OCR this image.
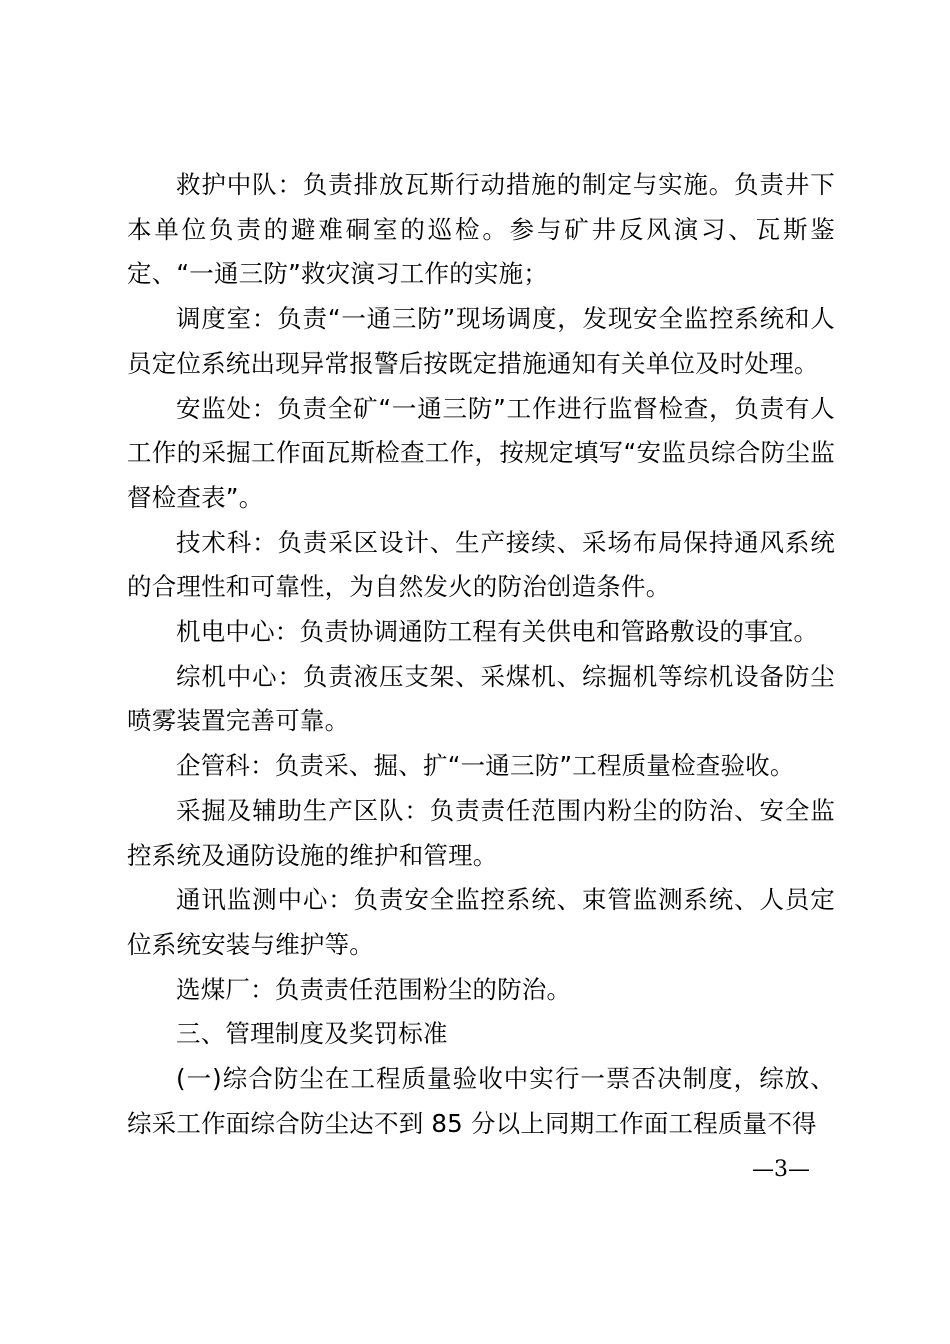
救护中队：负责排放瓦斯行动措施的制定与实施。负责井下本单位负责的避难硐室的巡检。参与矿井反风演习、瓦斯鉴定、“一通三防”救灾演习工作的实施；

调度室：负责“一通三防”现场调度，发现安全监控系统和人员定位系统出现异常报警后按既定措施通知有关单位及时处理。

安监处：负责全矿“一通三防”工作进行监督检查，负责有人工作的采掘工作面瓦斯检查工作，按规定填写“安监员综合防尘监督检查表”。

技术科：负责采区设计、生产接续、采场布局保持通风系统的合理性和可靠性，为自然发火的防治创造条件。

机电中心：负责协调通防工程有关供电和管路敷设的事宜。

综机中心：负责液压支架、采煤机、综掘机等综机设备防尘喷雾装置完善可靠。

企管科：负责采、掘、扩“一通三防”工程质量检查验收。

采掘及辅助生产区队：负责责任范围内粉尘的防治、安全监控系统及通防设施的维护和管理。

通讯监测中心：负责安全监控系统、束管监测系统、人员定位系统安装与维护等。

选煤厂：负责责任范围粉尘的防治。

三、管理制度及奖罚标准

(一)综合防尘在工程质量验收中实行一票否决制度，综放、综采工作面综合防尘达不到 85 分以上同期工作面工程质量不得

—3—
